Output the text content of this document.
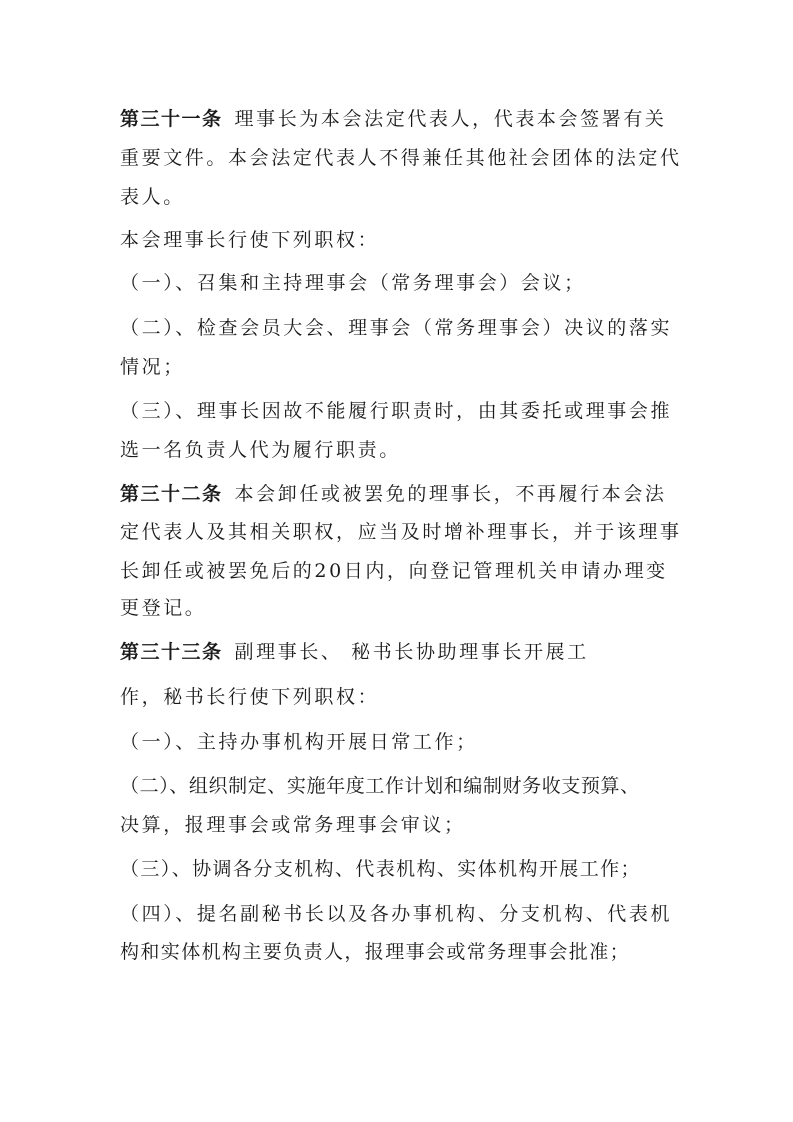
第三十一条 理事长为本会法定代表人，代表本会签署有关
重要文件。本会法定代表人不得兼任其他社会团体的法定代
表人。
本会理事长行使下列职权：
（一）、召集和主持理事会（常务理事会）会议；
（二）、检查会员大会、理事会（常务理事会）决议的落实
情况；
（三）、理事长因故不能履行职责时，由其委托或理事会推
选一名负责人代为履行职责。
第三十二条 本会卸任或被罢免的理事长，不再履行本会法
定代表人及其相关职权，应当及时增补理事长，并于该理事
长卸任或被罢免后的20日内，向登记管理机关申请办理变
更登记。
第三十三条 副理事长、 秘书长协助理事长开展工
作，秘书长行使下列职权：
（一）、主持办事机构开展日常工作；
（二）、组织制定、实施年度工作计划和编制财务收支预算、
决算，报理事会或常务理事会审议；
（三）、协调各分支机构、代表机构、实体机构开展工作；
（四）、提名副秘书长以及各办事机构、分支机构、代表机
构和实体机构主要负责人，报理事会或常务理事会批准；
